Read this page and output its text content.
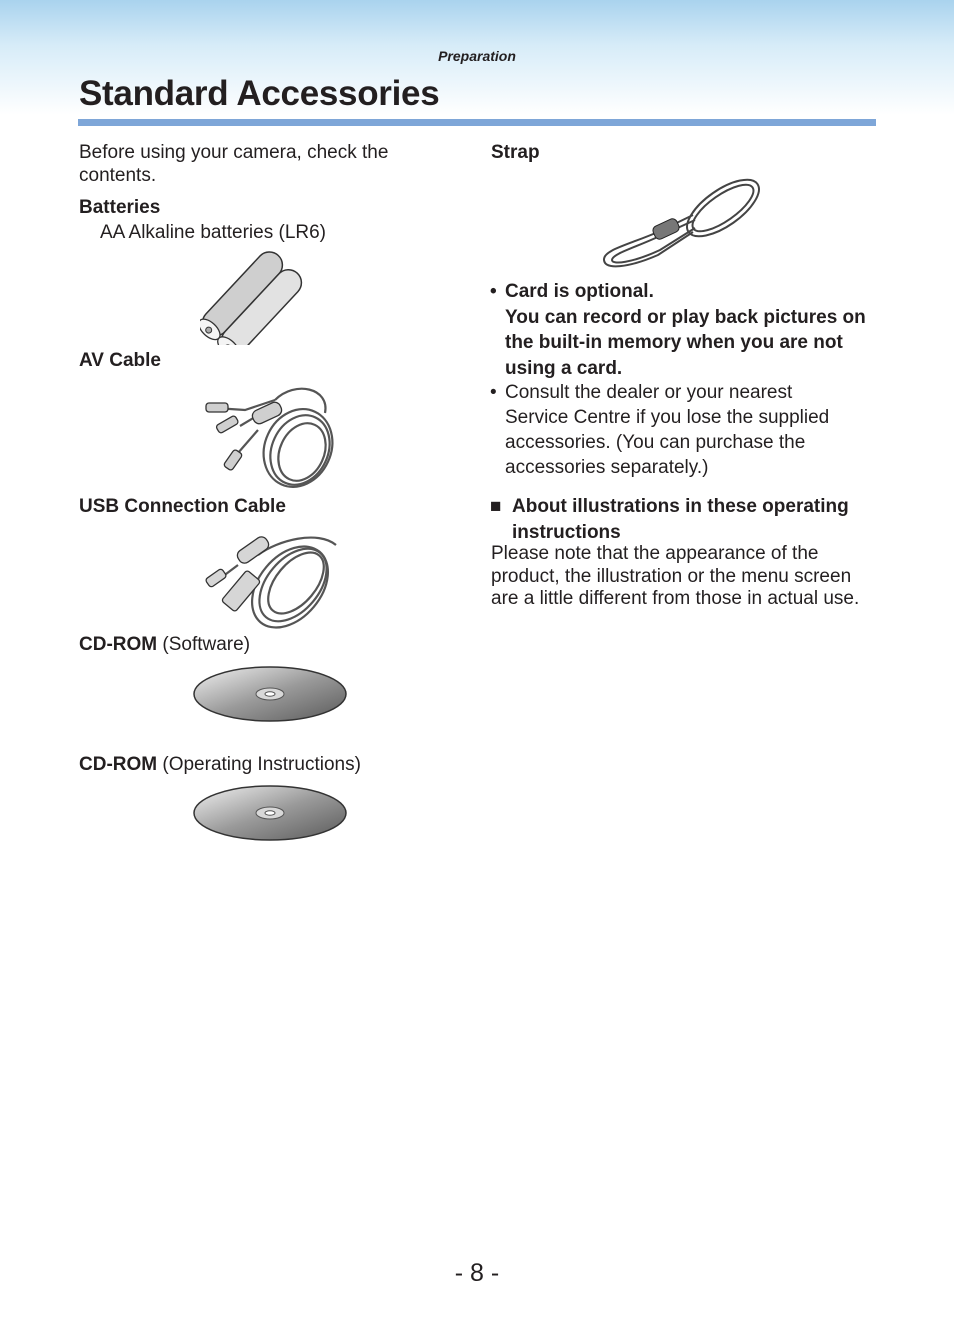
Preparation
Standard Accessories

Before using your camera, check the contents.

Batteries

AA Alkaline batteries (LR6)

AV Cable

USB Connection Cable

CD-ROM (Software)

CD-ROM (Operating Instructions)

Strap

• Card is optional.
You can record or play back pictures on the built-in memory when you are not using a card.
• Consult the dealer or your nearest Service Centre if you lose the supplied accessories. (You can purchase the accessories separately.)
■ About illustrations in these operating instructions

Please note that the appearance of the product, the illustration or the menu screen are a little different from those in actual use.

- 8 -
